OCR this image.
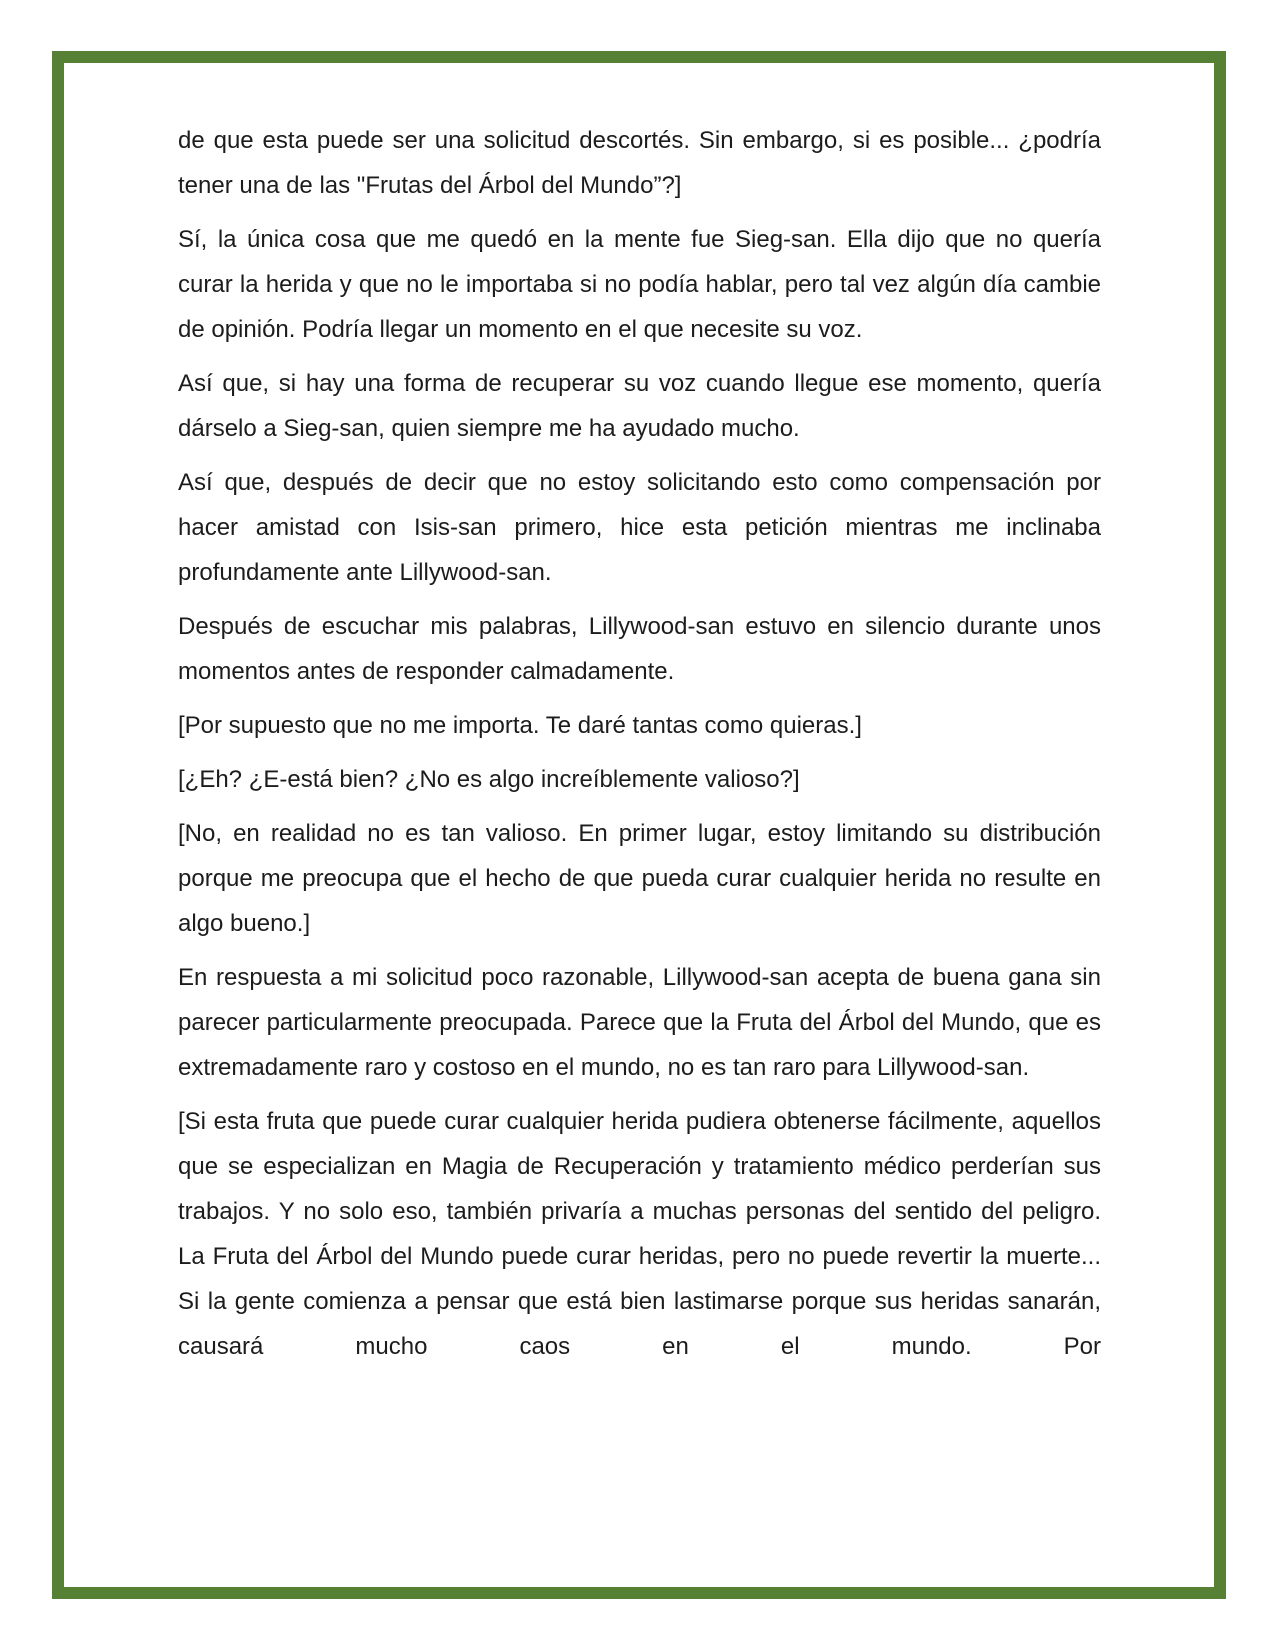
de que esta puede ser una solicitud descortés. Sin embargo, si es posible... ¿podría tener una de las "Frutas del Árbol del Mundo”?]

Sí, la única cosa que me quedó en la mente fue Sieg-san. Ella dijo que no quería curar la herida y que no le importaba si no podía hablar, pero tal vez algún día cambie de opinión. Podría llegar un momento en el que necesite su voz.

Así que, si hay una forma de recuperar su voz cuando llegue ese momento, quería dárselo a Sieg-san, quien siempre me ha ayudado mucho.

Así que, después de decir que no estoy solicitando esto como compensación por hacer amistad con Isis-san primero, hice esta petición mientras me inclinaba profundamente ante Lillywood-san.

Después de escuchar mis palabras, Lillywood-san estuvo en silencio durante unos momentos antes de responder calmadamente.

[Por supuesto que no me importa. Te daré tantas como quieras.]

[¿Eh? ¿E-está bien? ¿No es algo increíblemente valioso?]

[No, en realidad no es tan valioso. En primer lugar, estoy limitando su distribución porque me preocupa que el hecho de que pueda curar cualquier herida no resulte en algo bueno.]

En respuesta a mi solicitud poco razonable, Lillywood-san acepta de buena gana sin parecer particularmente preocupada. Parece que la Fruta del Árbol del Mundo, que es extremadamente raro y costoso en el mundo, no es tan raro para Lillywood-san.

[Si esta fruta que puede curar cualquier herida pudiera obtenerse fácilmente, aquellos que se especializan en Magia de Recuperación y tratamiento médico perderían sus trabajos. Y no solo eso, también privaría a muchas personas del sentido del peligro. La Fruta del Árbol del Mundo puede curar heridas, pero no puede revertir la muerte... Si la gente comienza a pensar que está bien lastimarse porque sus heridas sanarán, causará mucho caos en el mundo. Por
